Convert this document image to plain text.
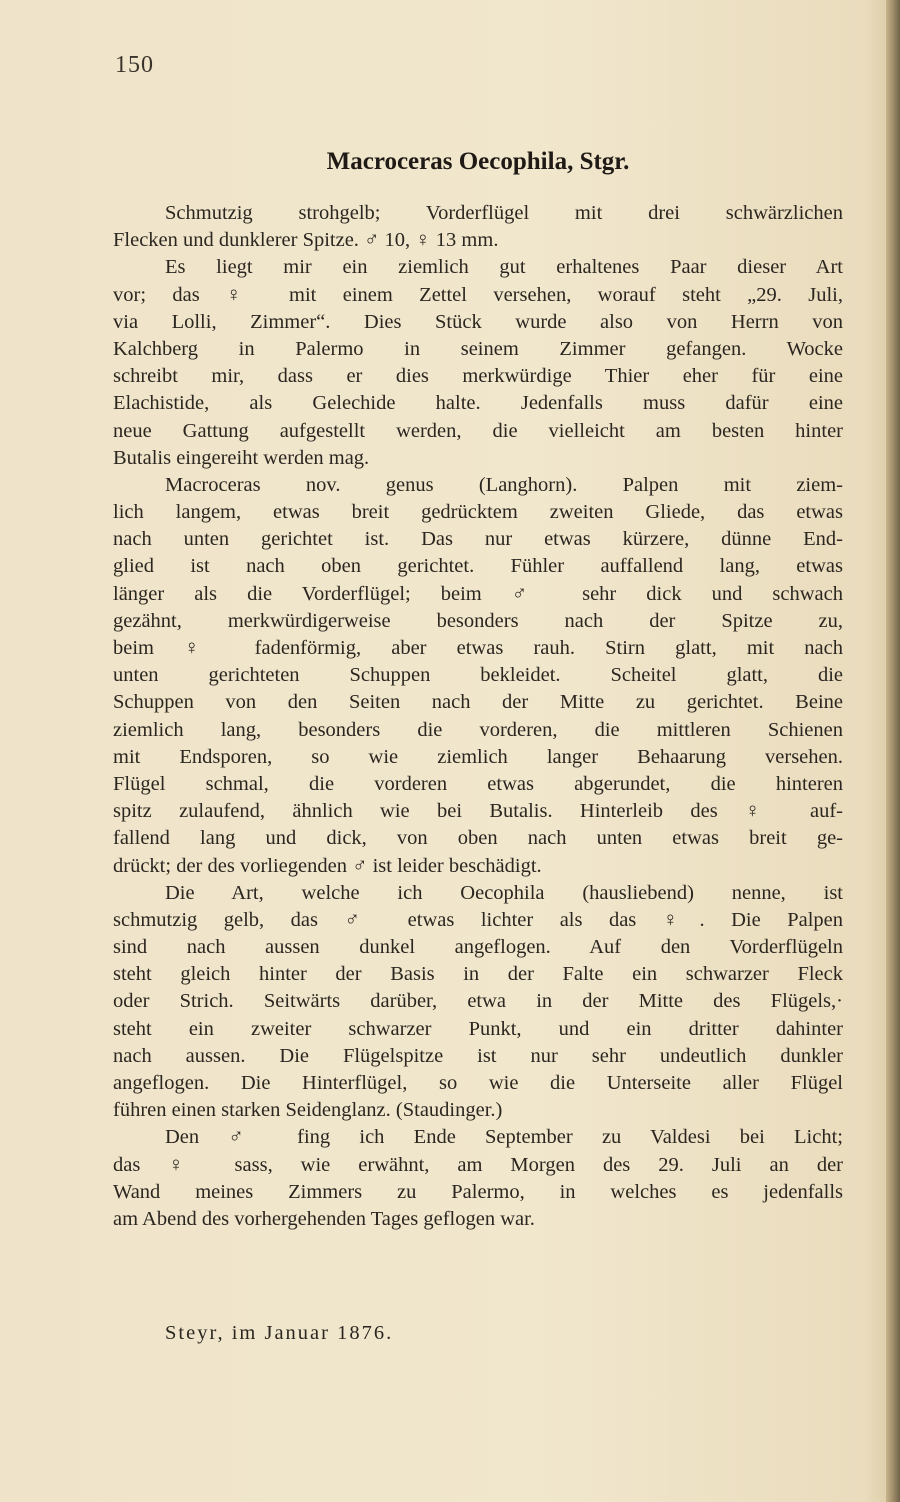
150
Macroceras Oecophila, Stgr.
Schmutzig strohgelb; Vorderflügel mit drei schwärzlichen
Flecken und dunklerer Spitze. ♂ 10, ♀ 13 mm.
Es liegt mir ein ziemlich gut erhaltenes Paar dieser Art
vor; das ♀ mit einem Zettel versehen, worauf steht „29. Juli,
via Lolli, Zimmer“. Dies Stück wurde also von Herrn von
Kalchberg in Palermo in seinem Zimmer gefangen. Wocke
schreibt mir, dass er dies merkwürdige Thier eher für eine
Elachistide, als Gelechide halte. Jedenfalls muss dafür eine
neue Gattung aufgestellt werden, die vielleicht am besten hinter
Butalis eingereiht werden mag.
Macroceras nov. genus (Langhorn). Palpen mit ziem-
lich langem, etwas breit gedrücktem zweiten Gliede, das etwas
nach unten gerichtet ist. Das nur etwas kürzere, dünne End-
glied ist nach oben gerichtet. Fühler auffallend lang, etwas
länger als die Vorderflügel; beim ♂ sehr dick und schwach
gezähnt, merkwürdigerweise besonders nach der Spitze zu,
beim ♀ fadenförmig, aber etwas rauh. Stirn glatt, mit nach
unten gerichteten Schuppen bekleidet. Scheitel glatt, die
Schuppen von den Seiten nach der Mitte zu gerichtet. Beine
ziemlich lang, besonders die vorderen, die mittleren Schienen
mit Endsporen, so wie ziemlich langer Behaarung versehen.
Flügel schmal, die vorderen etwas abgerundet, die hinteren
spitz zulaufend, ähnlich wie bei Butalis. Hinterleib des ♀ auf-
fallend lang und dick, von oben nach unten etwas breit ge-
drückt; der des vorliegenden ♂ ist leider beschädigt.
Die Art, welche ich Oecophila (hausliebend) nenne, ist
schmutzig gelb, das ♂ etwas lichter als das ♀. Die Palpen
sind nach aussen dunkel angeflogen. Auf den Vorderflügeln
steht gleich hinter der Basis in der Falte ein schwarzer Fleck
oder Strich. Seitwärts darüber, etwa in der Mitte des Flügels,·
steht ein zweiter schwarzer Punkt, und ein dritter dahinter
nach aussen. Die Flügelspitze ist nur sehr undeutlich dunkler
angeflogen. Die Hinterflügel, so wie die Unterseite aller Flügel
führen einen starken Seidenglanz. (Staudinger.)
Den ♂ fing ich Ende September zu Valdesi bei Licht;
das ♀ sass, wie erwähnt, am Morgen des 29. Juli an der
Wand meines Zimmers zu Palermo, in welches es jedenfalls
am Abend des vorhergehenden Tages geflogen war.
Steyr, im Januar 1876.
